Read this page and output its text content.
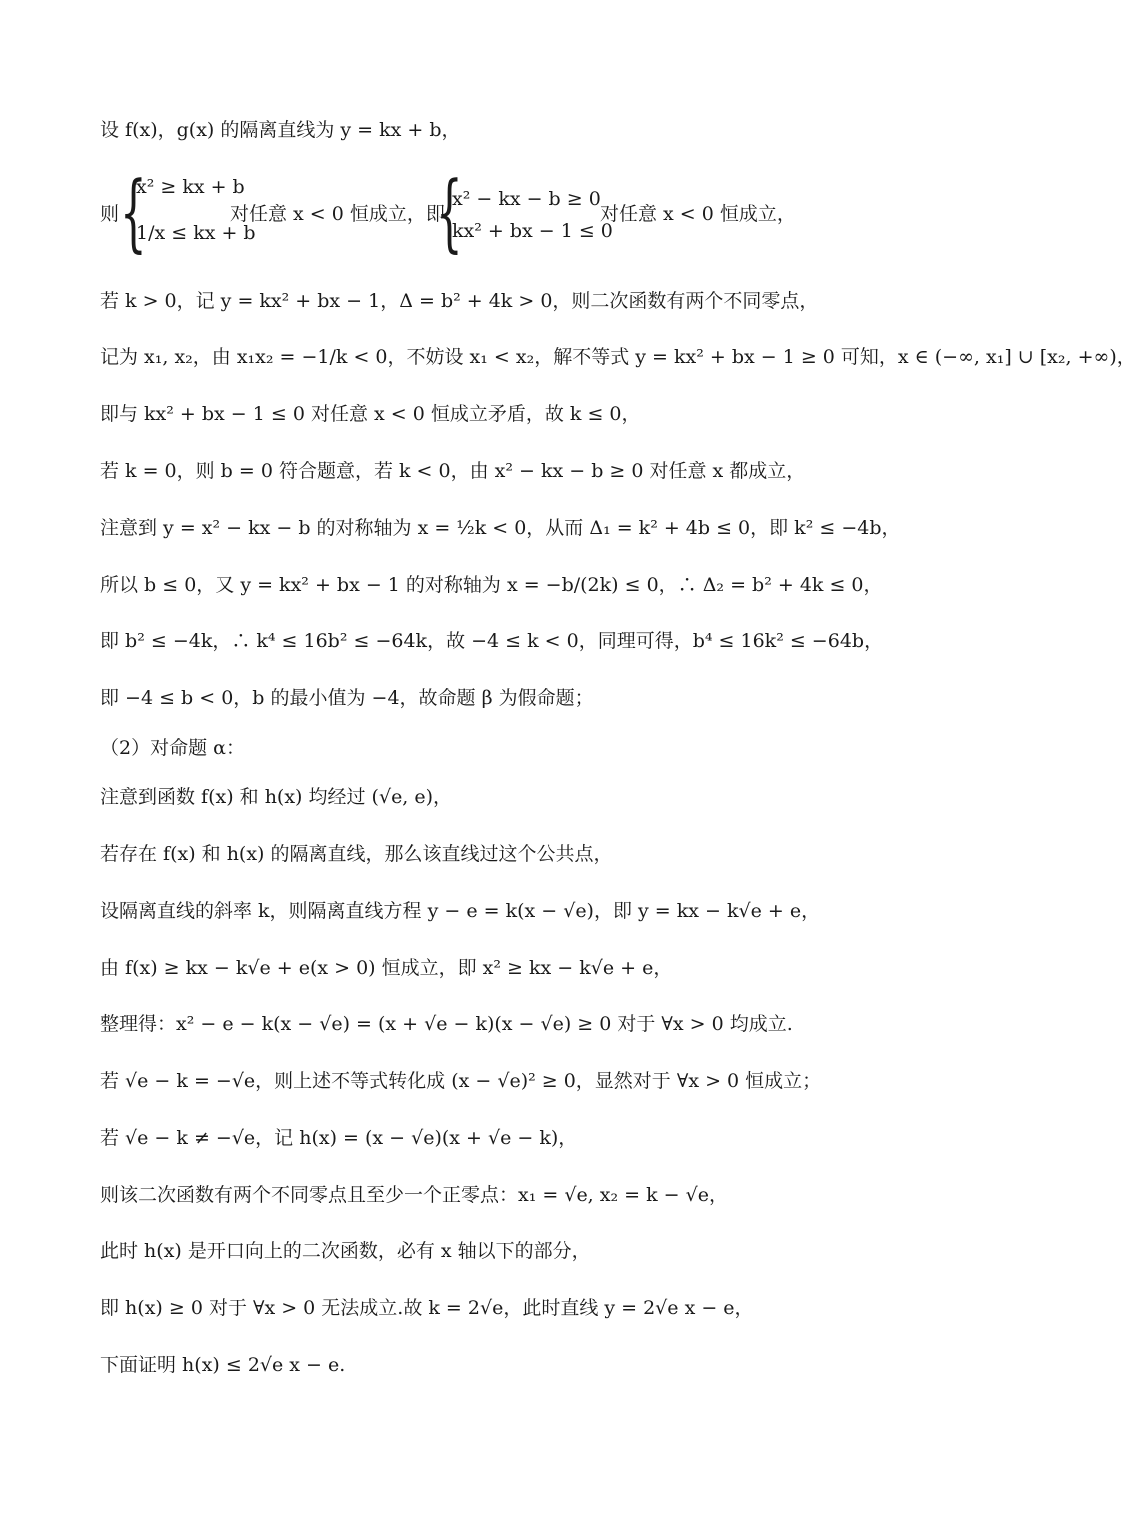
设 f(x)，g(x) 的隔离直线为 y = kx + b，
则 {
x² ≥ kx + b
1/x ≤ kx + b
对任意 x < 0 恒成立，即
{
x² − kx − b ≥ 0
kx² + bx − 1 ≤ 0
对任意 x < 0 恒成立，
若 k > 0，记 y = kx² + bx − 1，Δ = b² + 4k > 0，则二次函数有两个不同零点，
记为 x₁, x₂，由 x₁x₂ = −1/k < 0，不妨设 x₁ < x₂，解不等式 y = kx² + bx − 1 ≥ 0 可知，x ∈ (−∞, x₁] ∪ [x₂, +∞)，
即与 kx² + bx − 1 ≤ 0 对任意 x < 0 恒成立矛盾，故 k ≤ 0，
若 k = 0，则 b = 0 符合题意，若 k < 0，由 x² − kx − b ≥ 0 对任意 x 都成立，
注意到 y = x² − kx − b 的对称轴为 x = ½k < 0，从而 Δ₁ = k² + 4b ≤ 0，即 k² ≤ −4b，
所以 b ≤ 0，又 y = kx² + bx − 1 的对称轴为 x = −b/(2k) ≤ 0，∴ Δ₂ = b² + 4k ≤ 0，
即 b² ≤ −4k，∴ k⁴ ≤ 16b² ≤ −64k，故 −4 ≤ k < 0，同理可得，b⁴ ≤ 16k² ≤ −64b，
即 −4 ≤ b < 0，b 的最小值为 −4，故命题 β 为假命题；
（2）对命题 α：
注意到函数 f(x) 和 h(x) 均经过 (√e, e)，
若存在 f(x) 和 h(x) 的隔离直线，那么该直线过这个公共点，
设隔离直线的斜率 k，则隔离直线方程 y − e = k(x − √e)，即 y = kx − k√e + e，
由 f(x) ≥ kx − k√e + e(x > 0) 恒成立，即 x² ≥ kx − k√e + e，
整理得：x² − e − k(x − √e) = (x + √e − k)(x − √e) ≥ 0 对于 ∀x > 0 均成立.
若 √e − k = −√e，则上述不等式转化成 (x − √e)² ≥ 0，显然对于 ∀x > 0 恒成立；
若 √e − k ≠ −√e，记 h(x) = (x − √e)(x + √e − k)，
则该二次函数有两个不同零点且至少一个正零点：x₁ = √e, x₂ = k − √e，
此时 h(x) 是开口向上的二次函数，必有 x 轴以下的部分，
即 h(x) ≥ 0 对于 ∀x > 0 无法成立.故 k = 2√e，此时直线 y = 2√e x − e，
下面证明 h(x) ≤ 2√e x − e.
